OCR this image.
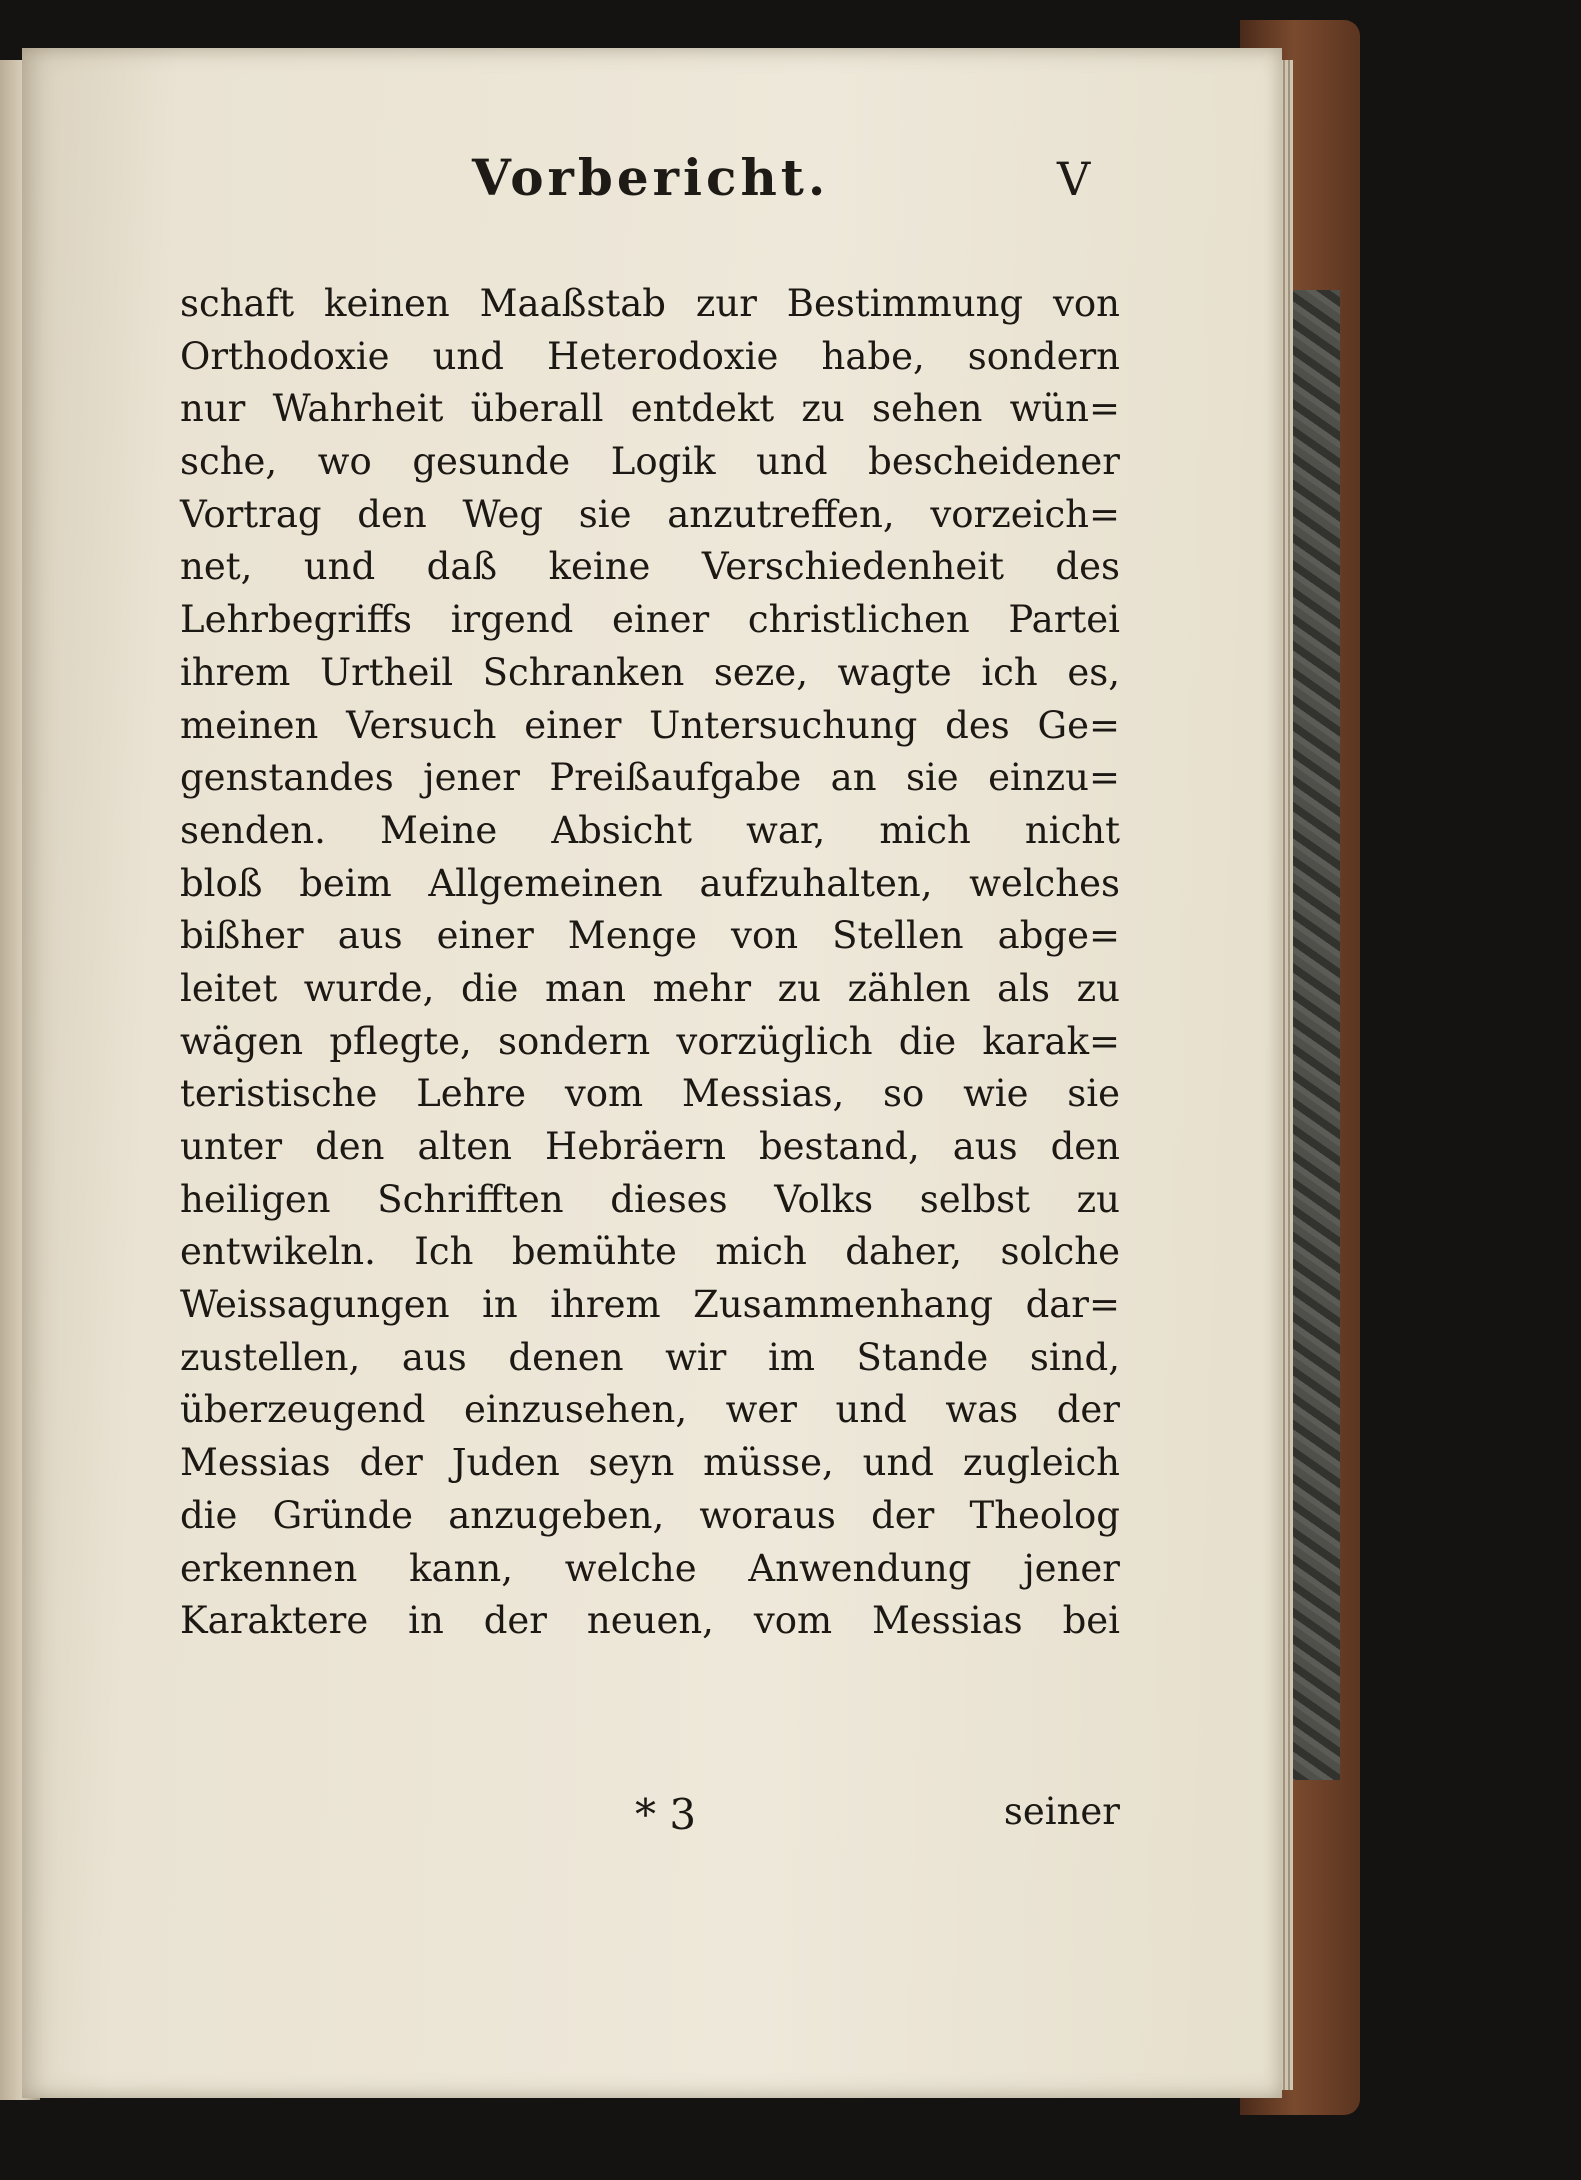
Vorbericht.	V
schaft keinen Maaßstab zur Bestimmung von
Orthodoxie und Heterodoxie habe, sondern
nur Wahrheit überall entdekt zu sehen wün=
sche, wo gesunde Logik und bescheidener
Vortrag den Weg sie anzutreffen, vorzeich=
net, und daß keine Verschiedenheit des
Lehrbegriffs irgend einer christlichen Partei
ihrem Urtheil Schranken seze, wagte ich es,
meinen Versuch einer Untersuchung des Ge=
genstandes jener Preißaufgabe an sie einzu=
senden. Meine Absicht war, mich nicht
bloß beim Allgemeinen aufzuhalten, welches
bißher aus einer Menge von Stellen abge=
leitet wurde, die man mehr zu zählen als zu
wägen pflegte, sondern vorzüglich die karak=
teristische Lehre vom Messias, so wie sie
unter den alten Hebräern bestand, aus den
heiligen Schrifften dieses Volks selbst zu
entwikeln. Ich bemühte mich daher, solche
Weissagungen in ihrem Zusammenhang dar=
zustellen, aus denen wir im Stande sind,
überzeugend einzusehen, wer und was der
Messias der Juden seyn müsse, und zugleich
die Gründe anzugeben, woraus der Theolog
erkennen kann, welche Anwendung jener
Karaktere in der neuen, vom Messias bei
* 3	seiner
